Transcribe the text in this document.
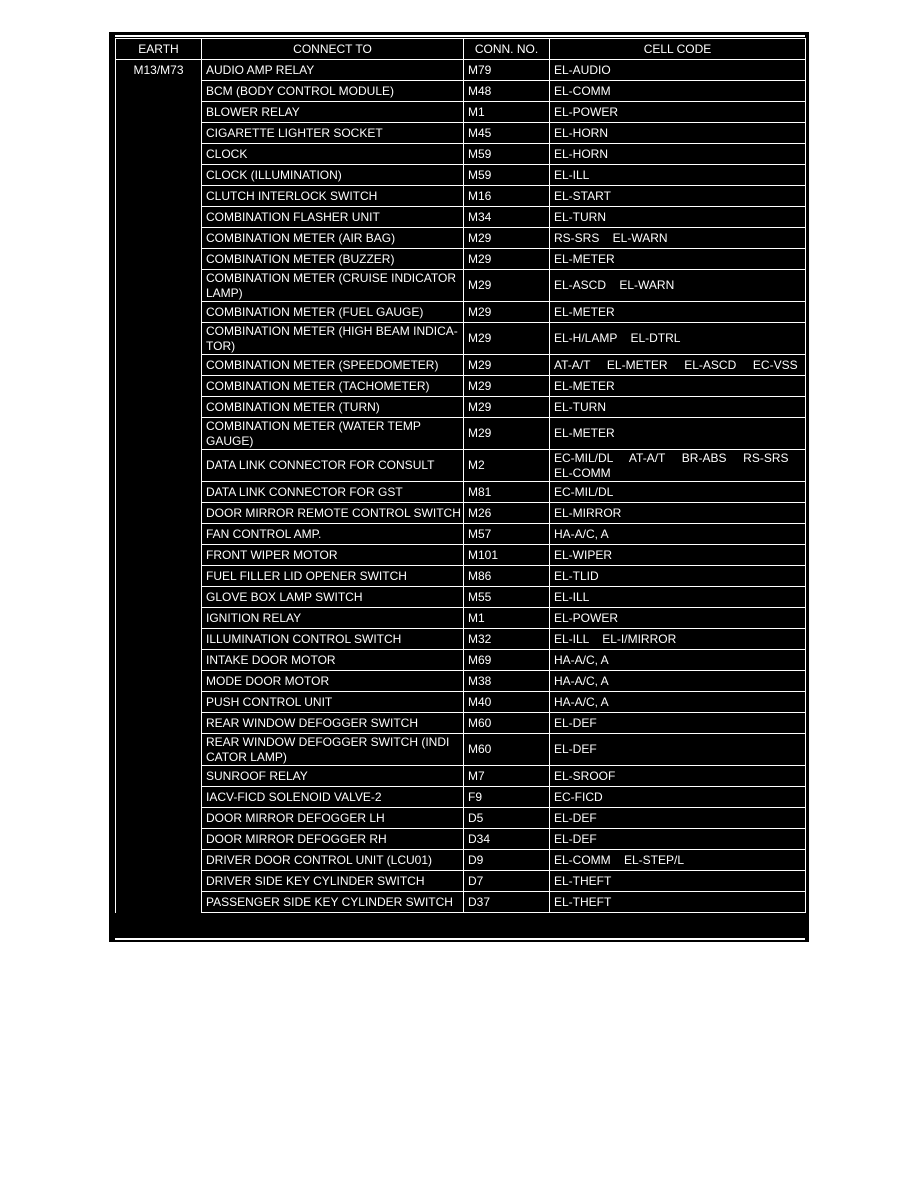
EARTH	CONNECT TO	CONN. NO.	CELL CODE
M13/M73	AUDIO AMP RELAY	M79	EL-AUDIO
	BCM (BODY CONTROL MODULE)	M48	EL-COMM
	BLOWER RELAY	M1	EL-POWER
	CIGARETTE LIGHTER SOCKET	M45	EL-HORN
	CLOCK	M59	EL-HORN
	CLOCK (ILLUMINATION)	M59	EL-ILL
	CLUTCH INTERLOCK SWITCH	M16	EL-START
	COMBINATION FLASHER UNIT	M34	EL-TURN
	COMBINATION METER (AIR BAG)	M29	RS-SRS    EL-WARN
	COMBINATION METER (BUZZER)	M29	EL-METER
	COMBINATION METER (CRUISE INDICATOR LAMP)	M29	EL-ASCD    EL-WARN
	COMBINATION METER (FUEL GAUGE)	M29	EL-METER
	COMBINATION METER (HIGH BEAM INDICA-TOR)	M29	EL-H/LAMP    EL-DTRL
	COMBINATION METER (SPEEDOMETER)	M29	AT-A/T     EL-METER     EL-ASCD     EC-VSS
	COMBINATION METER (TACHOMETER)	M29	EL-METER
	COMBINATION METER (TURN)	M29	EL-TURN
	COMBINATION METER (WATER TEMP GAUGE)	M29	EL-METER
	DATA LINK CONNECTOR FOR CONSULT	M2	EC-MIL/DL     AT-A/T     BR-ABS     RS-SRS EL-COMM
	DATA LINK CONNECTOR FOR GST	M81	EC-MIL/DL
	DOOR MIRROR REMOTE CONTROL SWITCH	M26	EL-MIRROR
	FAN CONTROL AMP.	M57	HA-A/C, A
	FRONT WIPER MOTOR	M101	EL-WIPER
	FUEL FILLER LID OPENER SWITCH	M86	EL-TLID
	GLOVE BOX LAMP SWITCH	M55	EL-ILL
	IGNITION RELAY	M1	EL-POWER
	ILLUMINATION CONTROL SWITCH	M32	EL-ILL    EL-I/MIRROR
	INTAKE DOOR MOTOR	M69	HA-A/C, A
	MODE DOOR MOTOR	M38	HA-A/C, A
	PUSH CONTROL UNIT	M40	HA-A/C, A
	REAR WINDOW DEFOGGER SWITCH	M60	EL-DEF
	REAR WINDOW DEFOGGER SWITCH (INDI CATOR LAMP)	M60	EL-DEF
	SUNROOF RELAY	M7	EL-SROOF
	IACV-FICD SOLENOID VALVE-2	F9	EC-FICD
	DOOR MIRROR DEFOGGER LH	D5	EL-DEF
	DOOR MIRROR DEFOGGER RH	D34	EL-DEF
	DRIVER DOOR CONTROL UNIT (LCU01)	D9	EL-COMM    EL-STEP/L
	DRIVER SIDE KEY CYLINDER SWITCH	D7	EL-THEFT
	PASSENGER SIDE KEY CYLINDER SWITCH	D37	EL-THEFT
